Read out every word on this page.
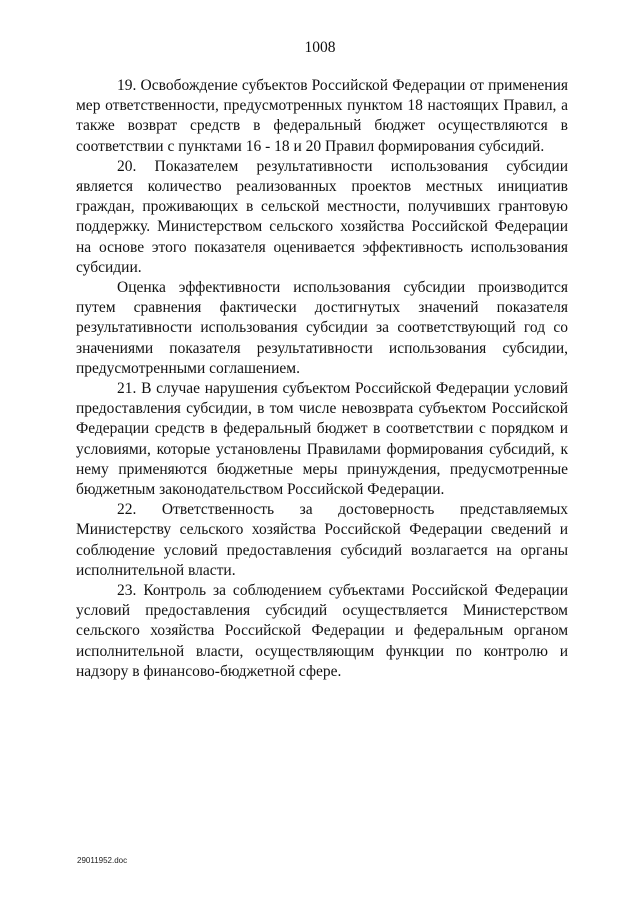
1008

19. Освобождение субъектов Российской Федерации от применения мер ответственности, предусмотренных пунктом 18 настоящих Правил, а также возврат средств в федеральный бюджет осуществляются в соответствии с пунктами 16 - 18 и 20 Правил формирования субсидий.

20. Показателем результативности использования субсидии является количество реализованных проектов местных инициатив граждан, проживающих в сельской местности, получивших грантовую поддержку. Министерством сельского хозяйства Российской Федерации на основе этого показателя оценивается эффективность использования субсидии.

Оценка эффективности использования субсидии производится путем сравнения фактически достигнутых значений показателя результативности использования субсидии за соответствующий год со значениями показателя результативности использования субсидии, предусмотренными соглашением.

21. В случае нарушения субъектом Российской Федерации условий предоставления субсидии, в том числе невозврата субъектом Российской Федерации средств в федеральный бюджет в соответствии с порядком и условиями, которые установлены Правилами формирования субсидий, к нему применяются бюджетные меры принуждения, предусмотренные бюджетным законодательством Российской Федерации.

22. Ответственность за достоверность представляемых Министерству сельского хозяйства Российской Федерации сведений и соблюдение условий предоставления субсидий возлагается на органы исполнительной власти.

23. Контроль за соблюдением субъектами Российской Федерации условий предоставления субсидий осуществляется Министерством сельского хозяйства Российской Федерации и федеральным органом исполнительной власти, осуществляющим функции по контролю и надзору в финансово-бюджетной сфере.

29011952.doc
